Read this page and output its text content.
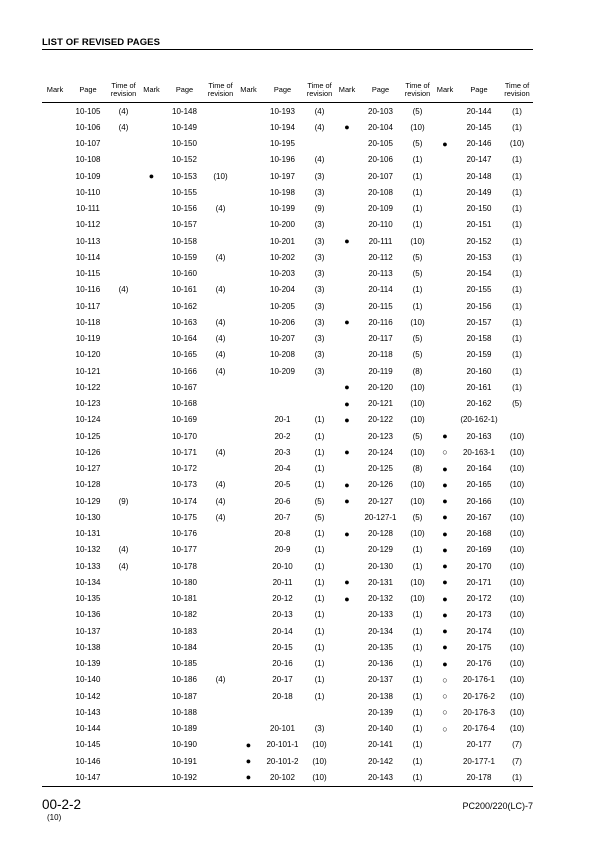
LIST OF REVISED PAGES
Mark	Page	Time of
revision	Mark	Page	Time of
revision	Mark	Page	Time of
revision	Mark	Page	Time of
revision	Mark	Page	Time of
revision
	10-105	(4)		10-148			10-193	(4)		20-103	(5)		20-144	(1)
	10-106	(4)		10-149			10-194	(4)	●	20-104	(10)		20-145	(1)
	10-107			10-150			10-195			20-105	(5)	●	20-146	(10)
	10-108			10-152			10-196	(4)		20-106	(1)		20-147	(1)
	10-109		●	10-153	(10)		10-197	(3)		20-107	(1)		20-148	(1)
	10-110			10-155			10-198	(3)		20-108	(1)		20-149	(1)
	10-111			10-156	(4)		10-199	(9)		20-109	(1)		20-150	(1)
	10-112			10-157			10-200	(3)		20-110	(1)		20-151	(1)
	10-113			10-158			10-201	(3)	●	20-111	(10)		20-152	(1)
	10-114			10-159	(4)		10-202	(3)		20-112	(5)		20-153	(1)
	10-115			10-160			10-203	(3)		20-113	(5)		20-154	(1)
	10-116	(4)		10-161	(4)		10-204	(3)		20-114	(1)		20-155	(1)
	10-117			10-162			10-205	(3)		20-115	(1)		20-156	(1)
	10-118			10-163	(4)		10-206	(3)	●	20-116	(10)		20-157	(1)
	10-119			10-164	(4)		10-207	(3)		20-117	(5)		20-158	(1)
	10-120			10-165	(4)		10-208	(3)		20-118	(5)		20-159	(1)
	10-121			10-166	(4)		10-209	(3)		20-119	(8)		20-160	(1)
	10-122			10-167					●	20-120	(10)		20-161	(1)
	10-123			10-168					●	20-121	(10)		20-162	(5)
	10-124			10-169			20-1	(1)	●	20-122	(10)		(20-162-1)	
	10-125			10-170			20-2	(1)		20-123	(5)	●	20-163	(10)
	10-126			10-171	(4)		20-3	(1)	●	20-124	(10)	○	20-163-1	(10)
	10-127			10-172			20-4	(1)		20-125	(8)	●	20-164	(10)
	10-128			10-173	(4)		20-5	(1)	●	20-126	(10)	●	20-165	(10)
	10-129	(9)		10-174	(4)		20-6	(5)	●	20-127	(10)	●	20-166	(10)
	10-130			10-175	(4)		20-7	(5)		20-127-1	(5)	●	20-167	(10)
	10-131			10-176			20-8	(1)	●	20-128	(10)	●	20-168	(10)
	10-132	(4)		10-177			20-9	(1)		20-129	(1)	●	20-169	(10)
	10-133	(4)		10-178			20-10	(1)		20-130	(1)	●	20-170	(10)
	10-134			10-180			20-11	(1)	●	20-131	(10)	●	20-171	(10)
	10-135			10-181			20-12	(1)	●	20-132	(10)	●	20-172	(10)
	10-136			10-182			20-13	(1)		20-133	(1)	●	20-173	(10)
	10-137			10-183			20-14	(1)		20-134	(1)	●	20-174	(10)
	10-138			10-184			20-15	(1)		20-135	(1)	●	20-175	(10)
	10-139			10-185			20-16	(1)		20-136	(1)	●	20-176	(10)
	10-140			10-186	(4)		20-17	(1)		20-137	(1)	○	20-176-1	(10)
	10-142			10-187			20-18	(1)		20-138	(1)	○	20-176-2	(10)
	10-143			10-188						20-139	(1)	○	20-176-3	(10)
	10-144			10-189			20-101	(3)		20-140	(1)	○	20-176-4	(10)
	10-145			10-190		●	20-101-1	(10)		20-141	(1)		20-177	(7)
	10-146			10-191		●	20-101-2	(10)		20-142	(1)		20-177-1	(7)
	10-147			10-192		●	20-102	(10)		20-143	(1)		20-178	(1)
00-2-2
(10)
PC200/220(LC)-7
